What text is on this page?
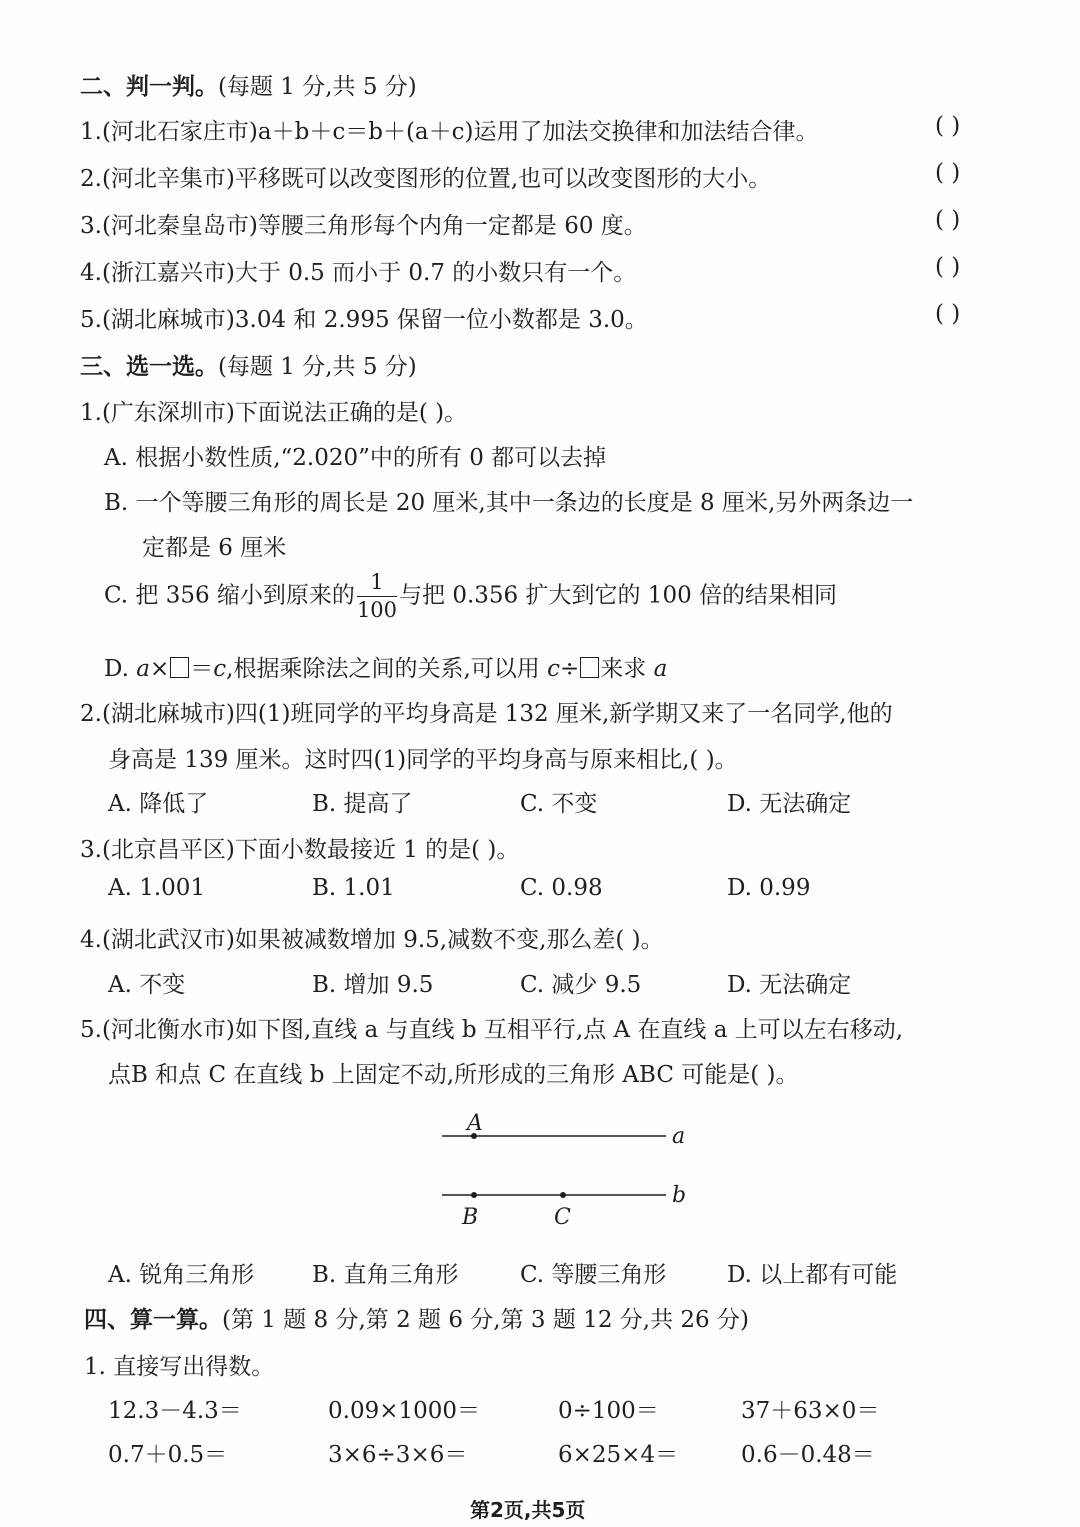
二、判一判。(每题 1 分,共 5 分)
1.(河北石家庄市)a＋b＋c＝b＋(a＋c)运用了加法交换律和加法结合律。	( )
2.(河北辛集市)平移既可以改变图形的位置,也可以改变图形的大小。	( )
3.(河北秦皇岛市)等腰三角形每个内角一定都是 60 度。	( )
4.(浙江嘉兴市)大于 0.5 而小于 0.7 的小数只有一个。	( )
5.(湖北麻城市)3.04 和 2.995 保留一位小数都是 3.0。	( )
三、选一选。(每题 1 分,共 5 分)
1.(广东深圳市)下面说法正确的是( )。
A. 根据小数性质,“2.020”中的所有 0 都可以去掉
B. 一个等腰三角形的周长是 20 厘米,其中一条边的长度是 8 厘米,另外两条边一
定都是 6 厘米
C. 把 356 缩小到原来的 $\frac{1}{100}$ 与把 0.356 扩大到它的 100 倍的结果相同
D. a× ＝c,根据乘除法之间的关系,可以用 c÷ 来求 a
2.(湖北麻城市)四(1)班同学的平均身高是 132 厘米,新学期又来了一名同学,他的
身高是 139 厘米。这时四(1)同学的平均身高与原来相比,( )。
A. 降低了	B. 提高了	C. 不变	D. 无法确定
3.(北京昌平区)下面小数最接近 1 的是( )。
A. 1.001	B. 1.01	C. 0.98	D. 0.99
4.(湖北武汉市)如果被减数增加 9.5,减数不变,那么差( )。
A. 不变	B. 增加 9.5	C. 减少 9.5	D. 无法确定
5.(河北衡水市)如下图,直线 a 与直线 b 互相平行,点 A 在直线 a 上可以左右移动,
点B 和点 C 在直线 b 上固定不动,所形成的三角形 ABC 可能是( )。
A
a
b
B	C
A. 锐角三角形	B. 直角三角形	C. 等腰三角形	D. 以上都有可能
四、算一算。(第 1 题 8 分,第 2 题 6 分,第 3 题 12 分,共 26 分)
1. 直接写出得数。
12.3－4.3＝	0.09×1000＝	0÷100＝	37＋63×0＝
0.7＋0.5＝	3×6÷3×6＝	6×25×4＝	0.6－0.48＝
第2页,共5页
